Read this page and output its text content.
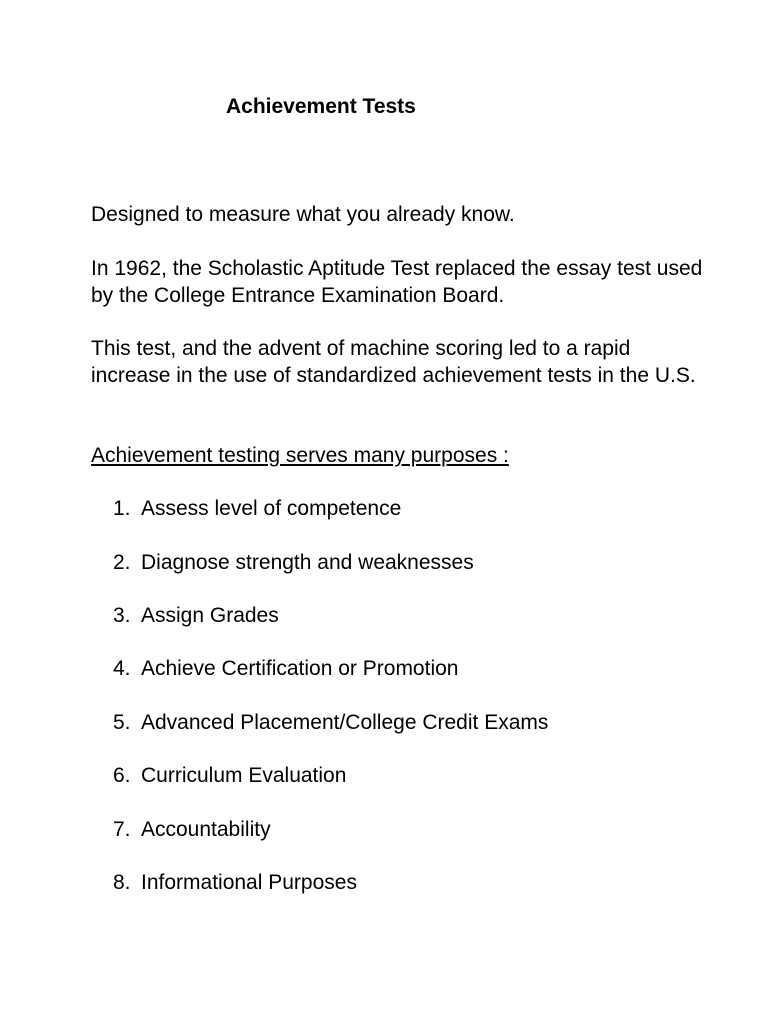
Achievement Tests
Designed to measure what you already know.
In 1962, the Scholastic Aptitude Test replaced the essay test used by the College Entrance Examination Board.
This test, and the advent of machine scoring led to a rapid increase in the use of standardized achievement tests in the U.S.
Achievement testing serves many purposes :
1. Assess level of competence
2. Diagnose strength and weaknesses
3. Assign Grades
4. Achieve Certification or Promotion
5. Advanced Placement/College Credit Exams
6. Curriculum Evaluation
7. Accountability
8. Informational Purposes
